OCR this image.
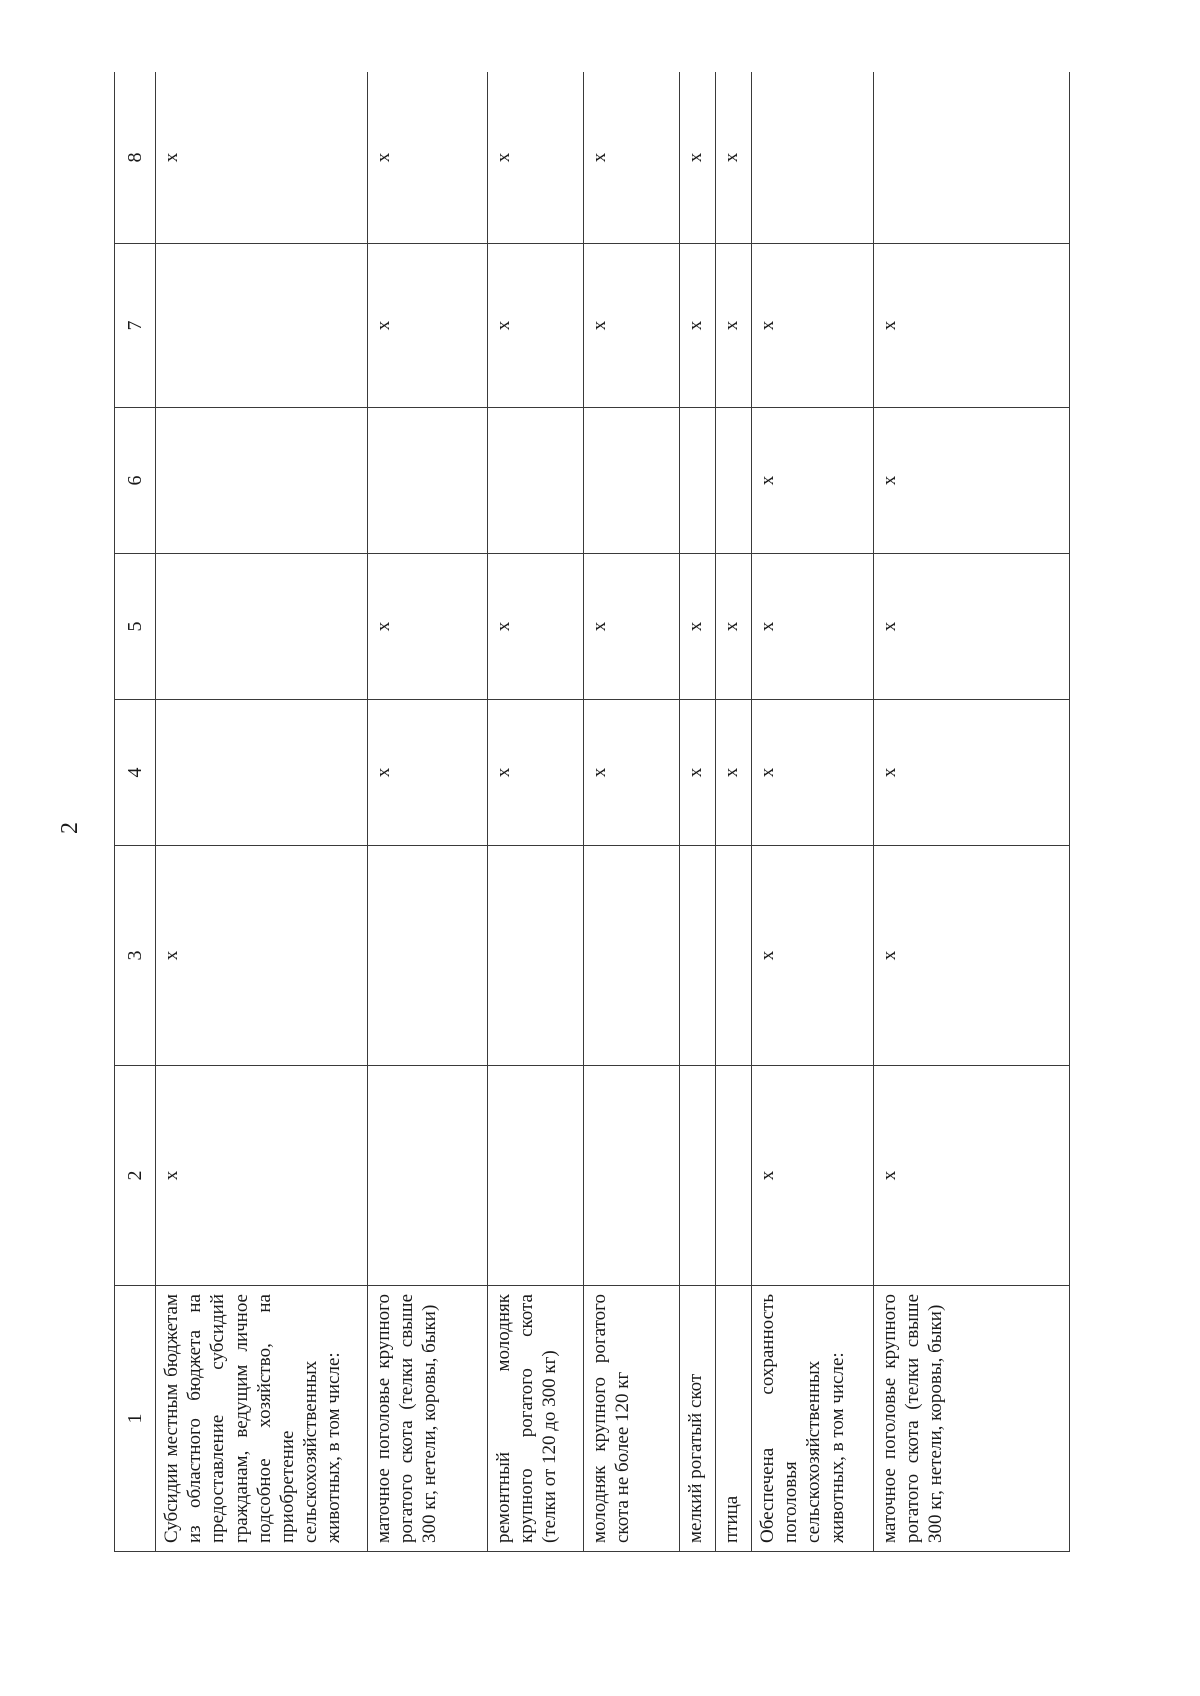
2
1	2	3	4	5	6	7	8
Субсидии местным бюджетам из областного бюджета на предоставление субсидий гражданам, ведущим личное подсобное хозяйство, на приобретение сельскохозяйственных животных, в том числе:	х	х					х
маточное поголовье крупного рогатого скота (телки свыше 300 кг, нетели, коровы, быки)			х	х		х	х
ремонтный молодняк крупного рогатого скота (телки от 120 до 300 кг)			х	х		х	х
молодняк крупного рогатого скота не более 120 кг			х	х		х	х
мелкий рогатый скот			х	х		х	х
птица			х	х		х	х
Обеспечена сохранность поголовья сельскохозяйственных животных, в том числе:	х	х	х	х	х	х	
маточное поголовье крупного рогатого скота (телки свыше 300 кг, нетели, коровы, быки)	х	х	х	х	х	х	
